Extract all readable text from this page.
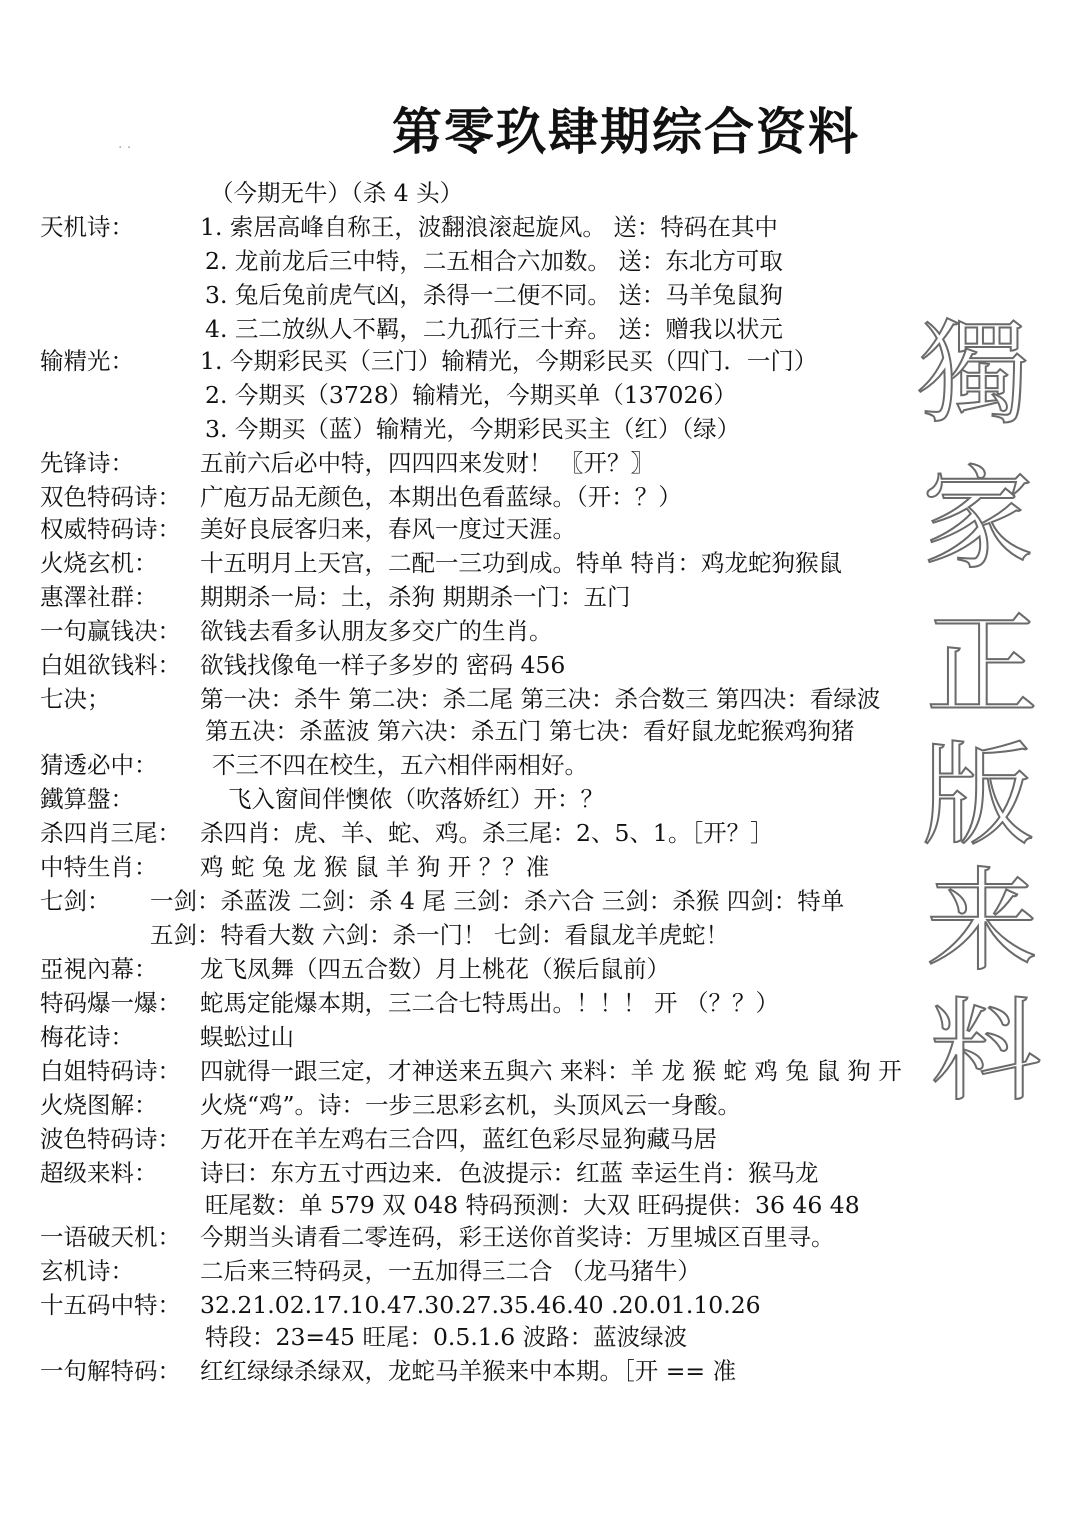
· ·	第零玖肆期综合资料
（今期无牛）（杀 4 头）
天机诗：
输精光：
先锋诗：
双色特码诗：
权威特码诗：
火烧玄机：
惠澤社群：
一句赢钱决：
白姐欲钱料：
七决；
猜透必中：
鐵算盤：
杀四肖三尾：
中特生肖：
七剑：
亞視內幕：
特码爆一爆：
梅花诗：
白姐特码诗：
火烧图解：
波色特码诗：
超级来料：
一语破天机：
玄机诗：
十五码中特：
一句解特码：
1. 索居高峰自称王，波翻浪滚起旋风。 送：特码在其中
2. 龙前龙后三中特，二五相合六加数。 送：东北方可取
3. 兔后兔前虎气凶，杀得一二便不同。 送：马羊兔鼠狗
4. 三二放纵人不羁，二九孤行三十弃。 送：赠我以状元
1. 今期彩民买（三门）输精光，今期彩民买（四门．一门）
2. 今期买（3728）输精光，今期买单（137026）
3. 今期买（蓝）输精光，今期彩民买主（红）（绿）
五前六后必中特，四四四来发财！ 〖开？〗
广庖万品无颜色，本期出色看蓝绿。（开：？）
美好良辰客归来，春风一度过天涯。
十五明月上天宫，二配一三功到成。特单 特肖：鸡龙蛇狗猴鼠
期期杀一局：土，杀狗 期期杀一门：五门
欲钱去看多认朋友多交广的生肖。
欲钱找像龟一样子多岁的 密码 456
第一决：杀牛 第二决：杀二尾 第三决：杀合数三 第四决：看绿波
第五决：杀蓝波 第六决：杀五门 第七决：看好鼠龙蛇猴鸡狗猪
不三不四在校生，五六相伴兩相好。
飞入窗间伴懊侬（吹落娇红）开：？
杀四肖：虎、羊、蛇、鸡。杀三尾：2、5、1。［开？］
鸡 蛇 兔 龙 猴 鼠 羊 狗 开 ？？准
一剑：杀蓝泼 二剑：杀 4 尾 三剑：杀六合 三剑：杀猴 四剑：特单
五剑：特看大数 六剑：杀一门！ 七剑：看鼠龙羊虎蛇！
龙飞凤舞（四五合数）月上桃花（猴后鼠前）
蛇馬定能爆本期，三二合七特馬出。！！！ 开 （？？）
蜈蚣过山
四就得一跟三定，才神送来五與六 来料：羊 龙 猴 蛇 鸡 兔 鼠 狗 开
火烧“鸡”。诗：一步三思彩玄机，头顶风云一身酸。
万花开在羊左鸡右三合四，蓝红色彩尽显狗藏马居
诗曰：东方五寸西边来．色波提示：红蓝 幸运生肖：猴马龙
旺尾数：单 579 双 048 特码预测：大双 旺码提供：36 46 48
今期当头请看二零连码，彩王送你首奖诗：万里城区百里寻。
二后来三特码灵，一五加得三二合 （龙马猪牛）
32.21.02.17.10.47.30.27.35.46.40 .20.01.10.26
特段：23=45 旺尾：0.5.1.6 波路：蓝波绿波
红红绿绿杀绿双，龙蛇马羊猴来中本期。［开 == 准
獨
家
正
版
来
料
